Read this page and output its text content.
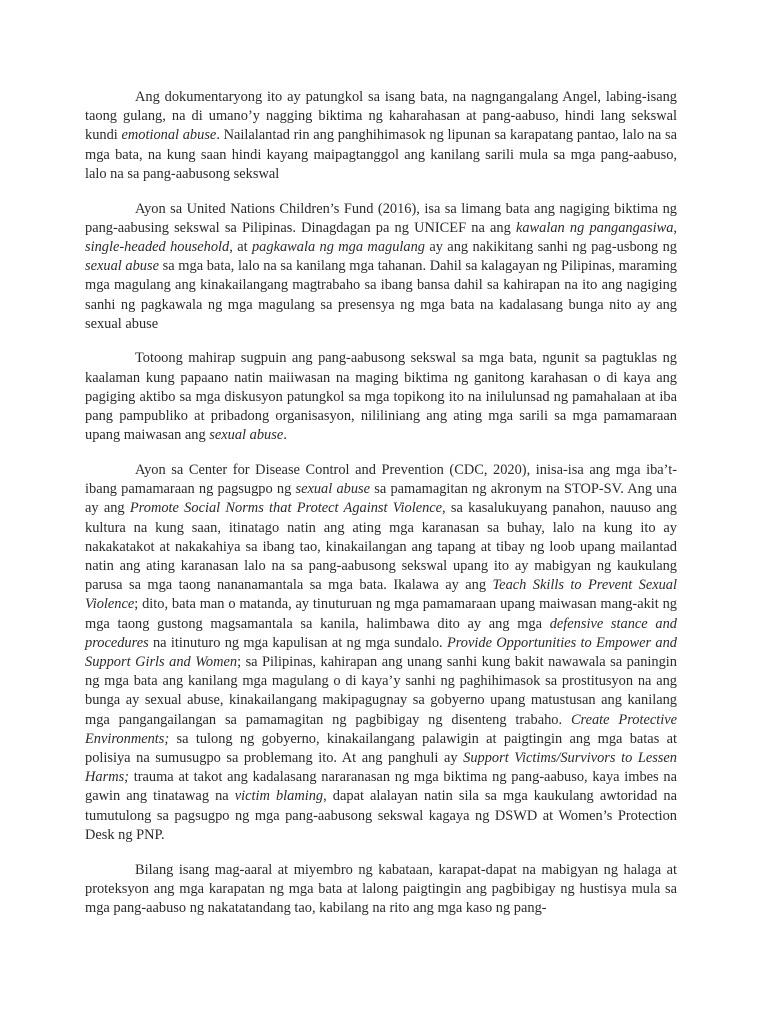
Ang dokumentaryong ito ay patungkol sa isang bata, na nagngangalang Angel, labing-isang taong gulang, na di umano’y nagging biktima ng kaharahasan at pang-aabuso, hindi lang sekswal kundi emotional abuse. Nailalantad rin ang panghihimasok ng lipunan sa karapatang pantao, lalo na sa mga bata, na kung saan hindi kayang maipagtanggol ang kanilang sarili mula sa mga pang-aabuso, lalo na sa pang-aabusong sekswal

Ayon sa United Nations Children’s Fund (2016), isa sa limang bata ang nagiging biktima ng pang-aabusing sekswal sa Pilipinas. Dinagdagan pa ng UNICEF na ang kawalan ng pangangasiwa, single-headed household, at pagkawala ng mga magulang ay ang nakikitang sanhi ng pag-usbong ng sexual abuse sa mga bata, lalo na sa kanilang mga tahanan. Dahil sa kalagayan ng Pilipinas, maraming mga magulang ang kinakailangang magtrabaho sa ibang bansa dahil sa kahirapan na ito ang nagiging sanhi ng pagkawala ng mga magulang sa presensya ng mga bata na kadalasang bunga nito ay ang sexual abuse

Totoong mahirap sugpuin ang pang-aabusong sekswal sa mga bata, ngunit sa pagtuklas ng kaalaman kung papaano natin maiiwasan na maging biktima ng ganitong karahasan o di kaya ang pagiging aktibo sa mga diskusyon patungkol sa mga topikong ito na inilulunsad ng pamahalaan at iba pang pampubliko at pribadong organisasyon, nililiniang ang ating mga sarili sa mga pamamaraan upang maiwasan ang sexual abuse.

Ayon sa Center for Disease Control and Prevention (CDC, 2020), inisa-isa ang mga iba’t-ibang pamamaraan ng pagsugpo ng sexual abuse sa pamamagitan ng akronym na STOP-SV. Ang una ay ang Promote Social Norms that Protect Against Violence, sa kasalukuyang panahon, nauuso ang kultura na kung saan, itinatago natin ang ating mga karanasan sa buhay, lalo na kung ito ay nakakatakot at nakakahiya sa ibang tao, kinakailangan ang tapang at tibay ng loob upang mailantad natin ang ating karanasan lalo na sa pang-aabusong sekswal upang ito ay mabigyan ng kaukulang parusa sa mga taong nananamantala sa mga bata. Ikalawa ay ang Teach Skills to Prevent Sexual Violence; dito, bata man o matanda, ay tinuturuan ng mga pamamaraan upang maiwasan mang-akit ng mga taong gustong magsamantala sa kanila, halimbawa dito ay ang mga defensive stance and procedures na itinuturo ng mga kapulisan at ng mga sundalo. Provide Opportunities to Empower and Support Girls and Women; sa Pilipinas, kahirapan ang unang sanhi kung bakit nawawala sa paningin ng mga bata ang kanilang mga magulang o di kaya’y sanhi ng paghihimasok sa prostitusyon na ang bunga ay sexual abuse, kinakailangang makipagugnay sa gobyerno upang matustusan ang kanilang mga pangangailangan sa pamamagitan ng pagbibigay ng disenteng trabaho. Create Protective Environments; sa tulong ng gobyerno, kinakailangang palawigin at paigtingin ang mga batas at polisiya na sumusugpo sa problemang ito. At ang panghuli ay Support Victims/Survivors to Lessen Harms; trauma at takot ang kadalasang nararanasan ng mga biktima ng pang-aabuso, kaya imbes na gawin ang tinatawag na victim blaming, dapat alalayan natin sila sa mga kaukulang awtoridad na tumutulong sa pagsugpo ng mga pang-aabusong sekswal kagaya ng DSWD at Women’s Protection Desk ng PNP.

Bilang isang mag-aaral at miyembro ng kabataan, karapat-dapat na mabigyan ng halaga at proteksyon ang mga karapatan ng mga bata at lalong paigtingin ang pagbibigay ng hustisya mula sa mga pang-aabuso ng nakatatandang tao, kabilang na rito ang mga kaso ng pang-
